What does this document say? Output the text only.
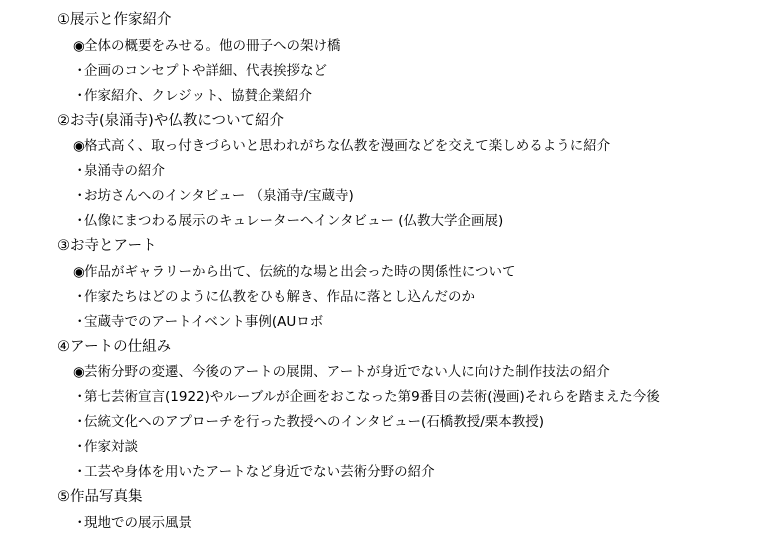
①展示と作家紹介
◉全体の概要をみせる。他の冊子への架け橋
・企画のコンセプトや詳細、代表挨拶など
・作家紹介、クレジット、協賛企業紹介
②お寺(泉涌寺)や仏教について紹介
◉格式高く、取っ付きづらいと思われがちな仏教を漫画などを交えて楽しめるように紹介
・泉涌寺の紹介
・お坊さんへのインタビュー （泉涌寺/宝蔵寺)
・仏像にまつわる展示のキュレーターへインタビュー (仏教大学企画展)
③お寺とアート
◉作品がギャラリーから出て、伝統的な場と出会った時の関係性について
・作家たちはどのように仏教をひも解き、作品に落とし込んだのか
・宝蔵寺でのアートイベント事例(AUロボ
④アートの仕組み
◉芸術分野の変遷、今後のアートの展開、アートが身近でない人に向けた制作技法の紹介
・第七芸術宣言(1922)やルーブルが企画をおこなった第9番目の芸術(漫画)それらを踏まえた今後
・伝統文化へのアプローチを行った教授へのインタビュー(石橋教授/栗本教授)
・作家対談
・工芸や身体を用いたアートなど身近でない芸術分野の紹介
⑤作品写真集
・現地での展示風景
